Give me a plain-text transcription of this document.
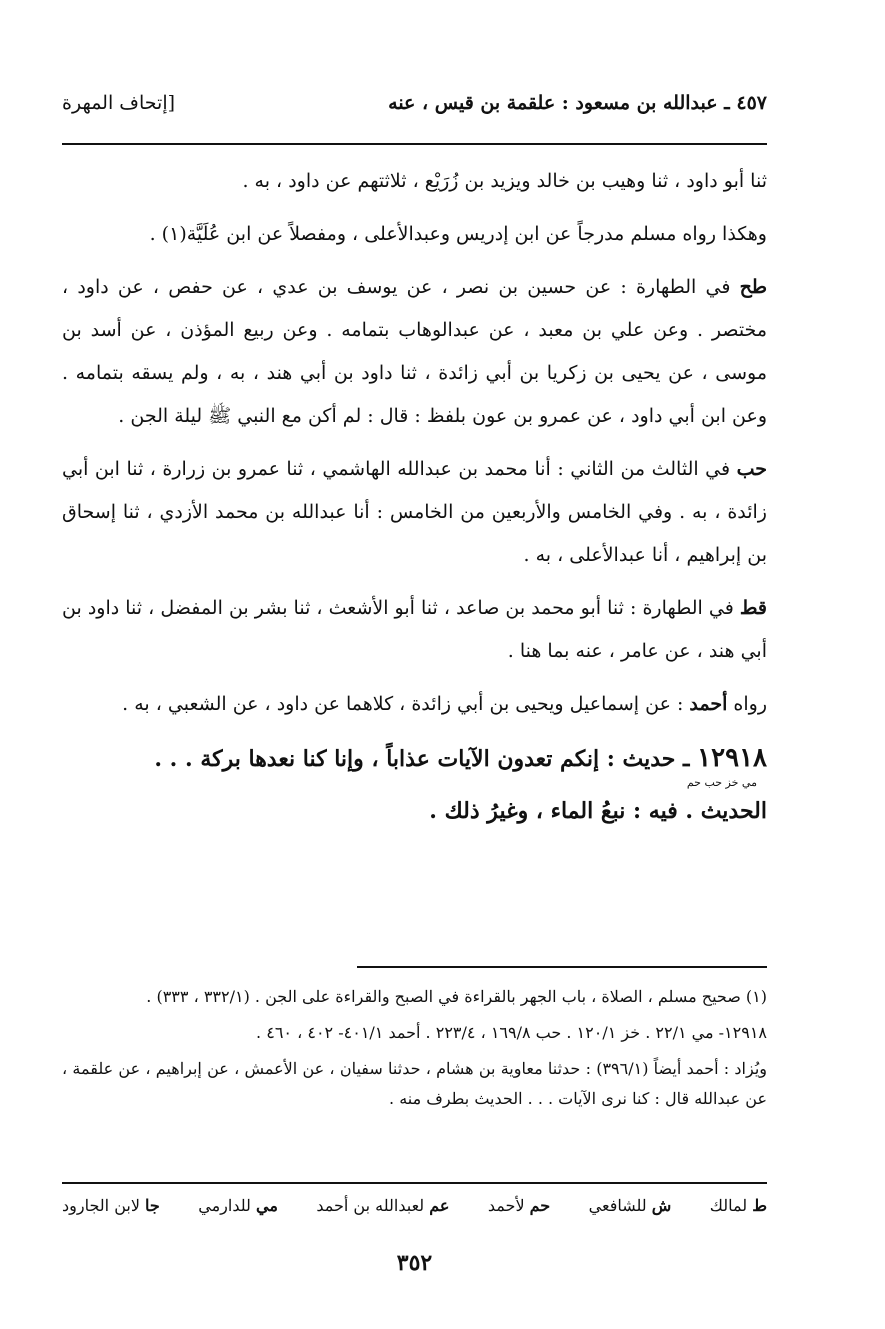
٤٥٧ ـ عبدالله بن مسعود : علقمة بن قيس ، عنه
[إتحاف المهرة

ثنا أبو داود ، ثنا وهيب بن خالد ويزيد بن زُرَيْع ، ثلاثتهم عن داود ، به .

وهكذا رواه مسلم مدرجاً عن ابن إدريس وعبدالأعلى ، ومفصلاً عن ابن عُلَيَّة(١) .

طح في الطهارة : عن حسين بن نصر ، عن يوسف بن عدي ، عن حفص ، عن داود ، مختصر . وعن علي بن معبد ، عن عبدالوهاب بتمامه . وعن ربيع المؤذن ، عن أسد بن موسى ، عن يحيى بن زكريا بن أبي زائدة ، ثنا داود بن أبي هند ، به ، ولم يسقه بتمامه . وعن ابن أبي داود ، عن عمرو بن عون بلفظ : قال : لم أكن مع النبي ﷺ ليلة الجن .

حب في الثالث من الثاني : أنا محمد بن عبدالله الهاشمي ، ثنا عمرو بن زرارة ، ثنا ابن أبي زائدة ، به . وفي الخامس والأربعين من الخامس : أنا عبدالله بن محمد الأزدي ، ثنا إسحاق بن إبراهيم ، أنا عبدالأعلى ، به .

قط في الطهارة : ثنا أبو محمد بن صاعد ، ثنا أبو الأشعث ، ثنا بشر بن المفضل ، ثنا داود بن أبي هند ، عن عامر ، عنه بما هنا .

رواه أحمد : عن إسماعيل ويحيى بن أبي زائدة ، كلاهما عن داود ، عن الشعبي ، به .

١٢٩١٨ ـ حديث : إنكم تعدون الآيات عذاباً ، وإنا كنا نعدها بركة . . .
مي خز حب حم
الحديث . فيه : نبعُ الماء ، وغيرُ ذلك .

(١) صحيح مسلم ، الصلاة ، باب الجهر بالقراءة في الصبح والقراءة على الجن . (٣٣٢/١ ، ٣٣٣) .

١٢٩١٨- مي ٢٢/١ . خز ١٢٠/١ . حب ١٦٩/٨ ، ٢٢٣/٤ . أحمد ٤٠١/١- ٤٠٢ ، ٤٦٠ .

ويُزاد : أحمد أيضاً (٣٩٦/١) : حدثنا معاوية بن هشام ، حدثنا سفيان ، عن الأعمش ، عن إبراهيم ، عن علقمة ، عن عبدالله قال : كنا نرى الآيات . . . الحديث بطرف منه .

ط لمالك
ش للشافعي
حم لأحمد
عم لعبدالله بن أحمد
مي للدارمي
جا لابن الجارود
٣٥٢
